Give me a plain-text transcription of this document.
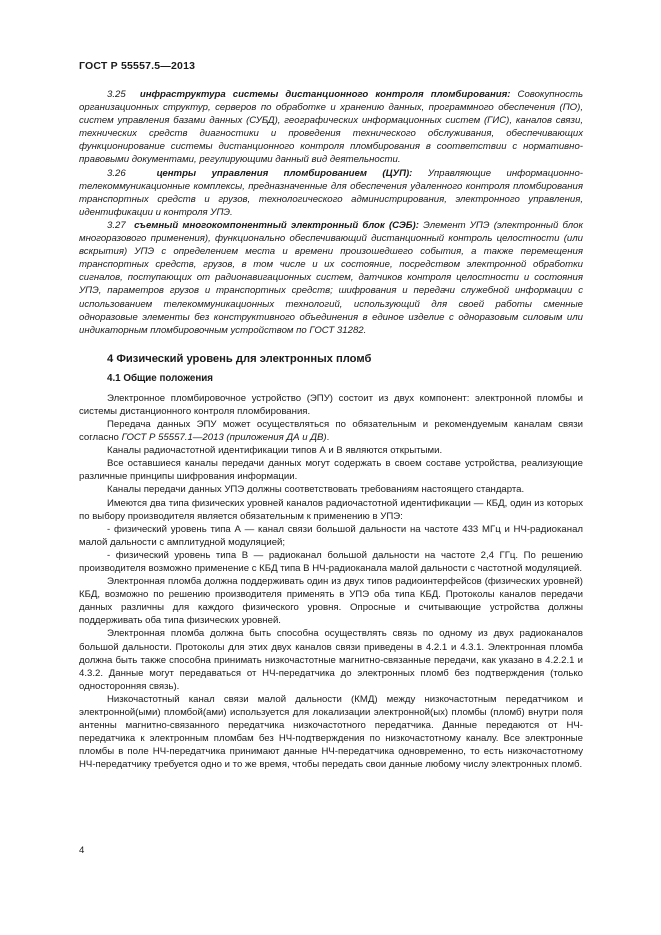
ГОСТ Р 55557.5—2013

3.25 инфраструктура системы дистанционного контроля пломбирования: Совокупность организационных структур, серверов по обработке и хранению данных, программного обеспечения (ПО), систем управления базами данных (СУБД), географических информационных систем (ГИС), каналов связи, технических средств диагностики и проведения технического обслуживания, обеспечивающих функционирование системы дистанционного контроля пломбирования в соответствии с нормативно-правовыми документами, регулирующими данный вид деятельности.

3.26	центры управления пломбированием (ЦУП): Управляющие информационно-телекоммуникационные комплексы, предназначенные для обеспечения удаленного контроля пломбирования транспортных средств и грузов, технологического администрирования, электронного управления, идентификации и контроля УПЭ.

3.27 съемный многокомпонентный электронный блок (СЭБ): Элемент УПЭ (электронный блок многоразового применения), функционально обеспечивающий дистанционный контроль целостности (или вскрытия) УПЭ с определением места и времени произошедшего события, а также перемещения транспортных средств, грузов, в том числе и их состояние, посредством электронной обработки сигналов, поступающих от радионавигационных систем, датчиков контроля целостности и состояния УПЭ, параметров грузов и транспортных средств; шифрования и передачи служебной информации с использованием телекоммуникационных технологий, использующий для своей работы сменные одноразовые элементы без конструктивного объединения в единое изделие с одноразовым силовым или индикаторным пломбировочным устройством по ГОСТ 31282.

4 Физический уровень для электронных пломб
4.1 Общие положения

Электронное пломбировочное устройство (ЭПУ) состоит из двух компонент: электронной пломбы и системы дистанционного контроля пломбирования.

Передача данных ЭПУ может осуществляться по обязательным и рекомендуемым каналам связи согласно ГОСТ Р 55557.1—2013 (приложения ДА и ДВ).

Каналы радиочастотной идентификации типов А и В являются открытыми.

Все оставшиеся каналы передачи данных могут содержать в своем составе устройства, реализующие различные принципы шифрования информации.

Каналы передачи данных УПЭ должны соответствовать требованиям настоящего стандарта.

Имеются два типа физических уровней каналов радиочастотной идентификации — КБД, один из которых по выбору производителя является обязательным к применению в УПЭ:

- физический уровень типа А — канал связи большой дальности на частоте 433 МГц и НЧ-радиоканал малой дальности с амплитудной модуляцией;

- физический уровень типа В — радиоканал большой дальности на частоте 2,4 ГГц. По решению производителя возможно применение с КБД типа В НЧ-радиоканала малой дальности с частотной модуляцией.

Электронная пломба должна поддерживать один из двух типов радиоинтерфейсов (физических уровней) КБД, возможно по решению производителя применять в УПЭ оба типа КБД. Протоколы каналов передачи данных различны для каждого физического уровня. Опросные и считывающие устройства должны поддерживать оба типа физических уровней.

Электронная пломба должна быть способна осуществлять связь по одному из двух радиоканалов большой дальности. Протоколы для этих двух каналов связи приведены в 4.2.1 и 4.3.1. Электронная пломба должна быть также способна принимать низкочастотные магнитно-связанные передачи, как указано в 4.2.2.1 и 4.3.2. Данные могут передаваться от НЧ-передатчика до электронных пломб без подтверждения (только односторонняя связь).

Низкочастотный канал связи малой дальности (КМД) между низкочастотным передатчиком и электронной(ыми) пломбой(ами) используется для локализации электронной(ых) пломбы (пломб) внутри поля антенны магнитно-связанного передатчика низкочастотного передатчика. Данные передаются от НЧ-передатчика к электронным пломбам без НЧ-подтверждения по низкочастотному каналу. Все электронные пломбы в поле НЧ-передатчика принимают данные НЧ-передатчика одновременно, то есть низкочастотному НЧ-передатчику требуется одно и то же время, чтобы передать свои данные любому числу электронных пломб.

4
